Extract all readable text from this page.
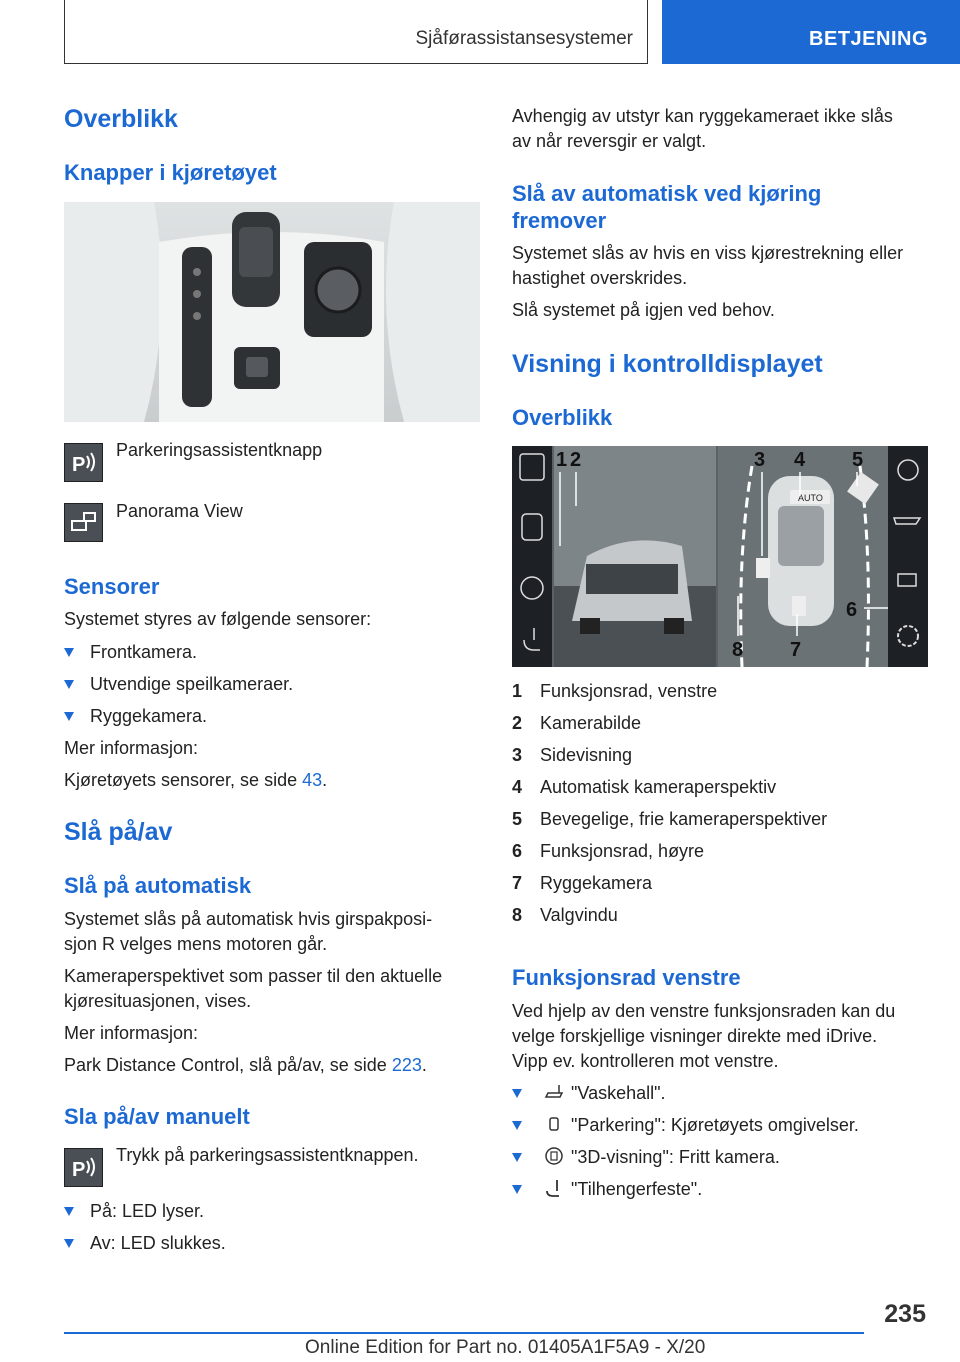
Sjåførassistansesystemer	BETJENING
Overblikk
Knapper i kjøretøyet
P
Parkeringsassistentknapp
Panorama View
Sensorer
Systemet styres av følgende sensorer:
Frontkamera.
Utvendige speilkameraer.
Ryggekamera.
Mer informasjon:
Kjøretøyets sensorer, se side 43.
Slå på/av
Slå på automatisk
Systemet slås på automatisk hvis girspakposi‐
sjon R velges mens motoren går.
Kameraperspektivet som passer til den aktuelle
kjøresituasjonen, vises.
Mer informasjon:
Park Distance Control, slå på/av, se side 223.
Sla på/av manuelt
P
Trykk på parkeringsassistentknappen.
På: LED lyser.
Av: LED slukkes.
Avhengig av utstyr kan ryggekameraet ikke slås
av når reversgir er valgt.
Slå av automatisk ved kjøring
fremover
Systemet slås av hvis en viss kjørestrekning eller
hastighet overskrides.
Slå systemet på igjen ved behov.
Visning i kontrolldisplayet
Overblikk
AUTO
1 2	3 4 5
6
7
8
1 Funksjonsrad, venstre
2 Kamerabilde
3 Sidevisning
4 Automatisk kameraperspektiv
5 Bevegelige, frie kameraperspektiver
6 Funksjonsrad, høyre
7 Ryggekamera
8 Valgvindu
Funksjonsrad venstre
Ved hjelp av den venstre funksjonsraden kan du
velge forskjellige visninger direkte med iDrive.
Vipp ev. kontrolleren mot venstre.
"Vaskehall".
"Parkering": Kjøretøyets omgivelser.
"3D-visning": Fritt kamera.
"Tilhengerfeste".
235
Online Edition for Part no. 01405A1F5A9 - X/20
